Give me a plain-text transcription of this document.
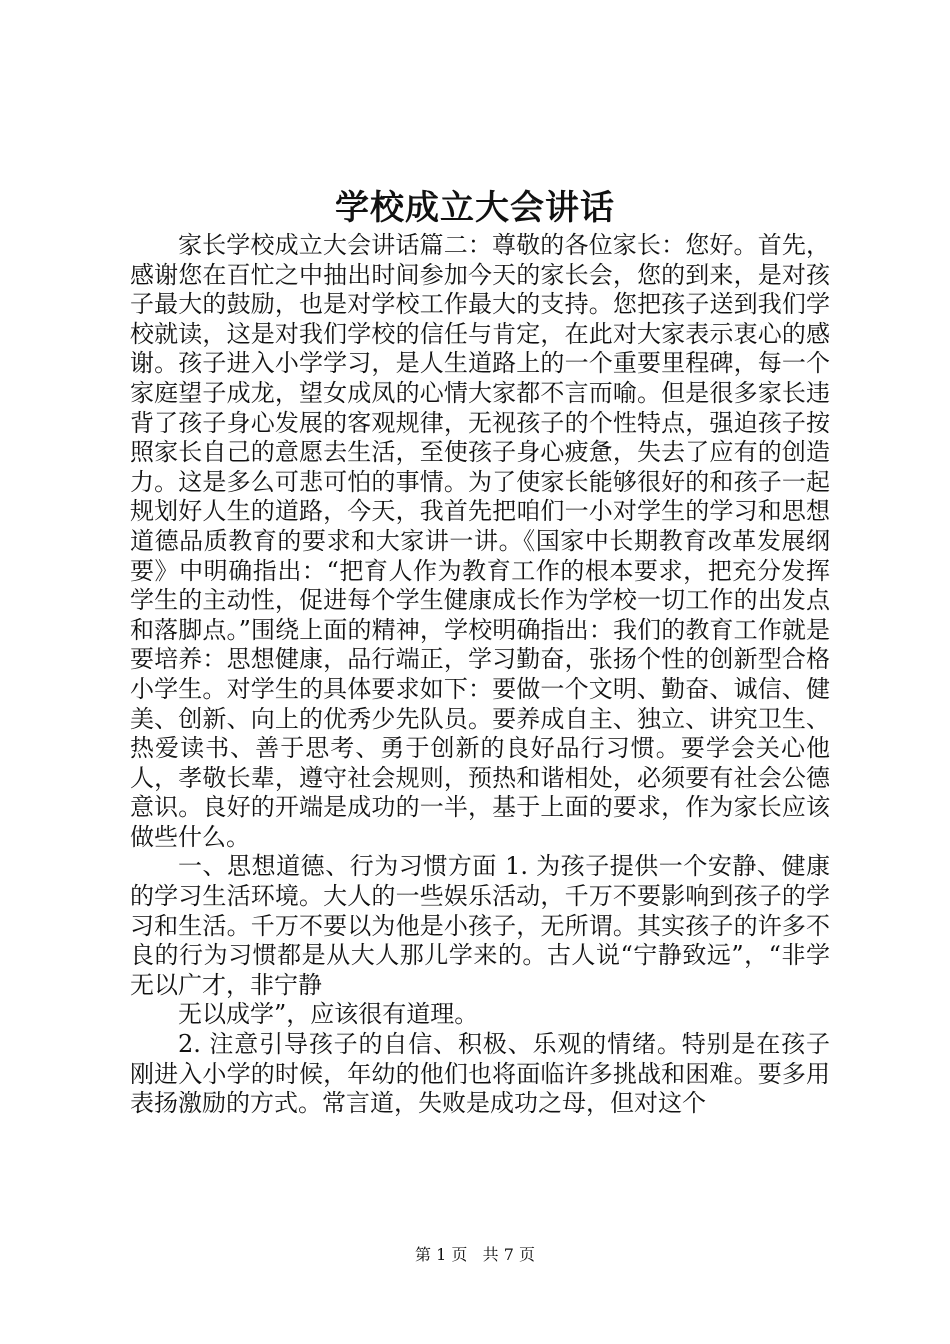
学校成立大会讲话

家长学校成立大会讲话篇二：尊敬的各位家长：您好。首先，感谢您在百忙之中抽出时间参加今天的家长会，您的到来，是对孩子最大的鼓励，也是对学校工作最大的支持。您把孩子送到我们学校就读，这是对我们学校的信任与肯定，在此对大家表示衷心的感谢。孩子进入小学学习，是人生道路上的一个重要里程碑，每一个家庭望子成龙，望女成凤的心情大家都不言而喻。但是很多家长违背了孩子身心发展的客观规律，无视孩子的个性特点，强迫孩子按照家长自己的意愿去生活，至使孩子身心疲惫，失去了应有的创造力。这是多么可悲可怕的事情。为了使家长能够很好的和孩子一起规划好人生的道路，今天，我首先把咱们一小对学生的学习和思想道德品质教育的要求和大家讲一讲。《国家中长期教育改革发展纲要》中明确指出：“把育人作为教育工作的根本要求，把充分发挥学生的主动性，促进每个学生健康成长作为学校一切工作的出发点和落脚点。”围绕上面的精神，学校明确指出：我们的教育工作就是要培养：思想健康，品行端正，学习勤奋，张扬个性的创新型合格小学生。对学生的具体要求如下：要做一个文明、勤奋、诚信、健美、创新、向上的优秀少先队员。要养成自主、独立、讲究卫生、热爱读书、善于思考、勇于创新的良好品行习惯。要学会关心他人，孝敬长辈，遵守社会规则，预热和谐相处，必须要有社会公德意识。良好的开端是成功的一半，基于上面的要求，作为家长应该做些什么。

一、思想道德、行为习惯方面 1. 为孩子提供一个安静、健康的学习生活环境。大人的一些娱乐活动，千万不要影响到孩子的学习和生活。千万不要以为他是小孩子，无所谓。其实孩子的许多不良的行为习惯都是从大人那儿学来的。古人说“宁静致远”，“非学无以广才，非宁静

无以成学”，应该很有道理。

2. 注意引导孩子的自信、积极、乐观的情绪。特别是在孩子刚进入小学的时候，年幼的他们也将面临许多挑战和困难。要多用表扬激励的方式。常言道，失败是成功之母，但对这个

第 1 页   共 7 页
